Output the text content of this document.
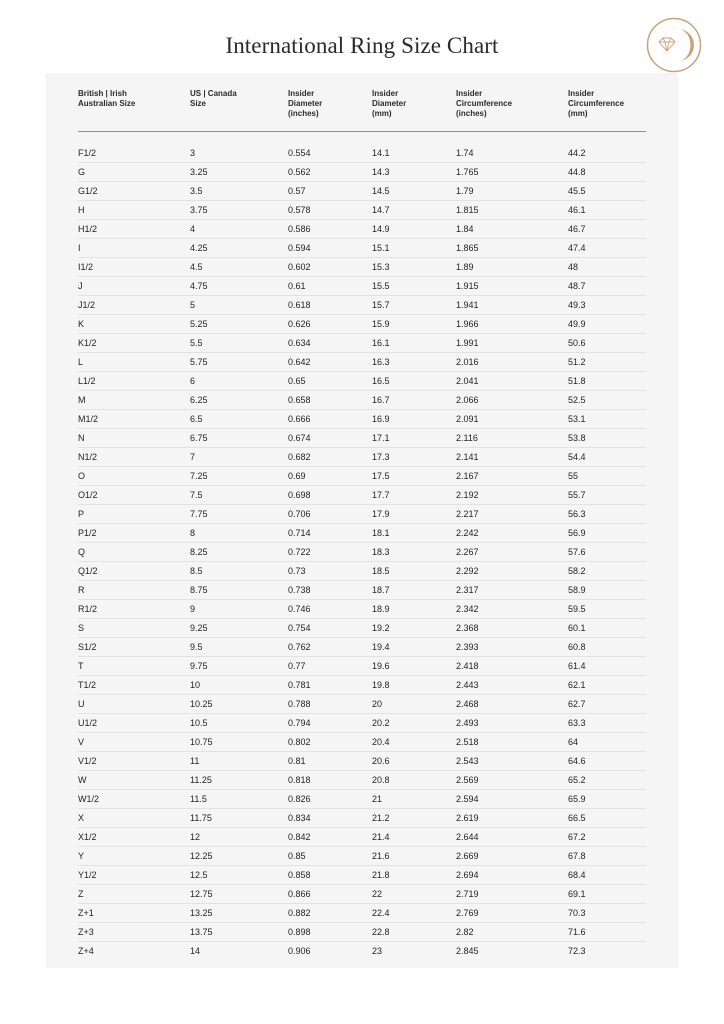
International Ring Size Chart
British | Irish
Australian Size
US | Canada
Size
Insider
Diameter
(inches)
Insider
Diameter
(mm)
Insider
Circumference
(inches)
Insider
Circumference
(mm)
F1/2	3	0.554	14.1	1.74	44.2
G	3.25	0.562	14.3	1.765	44.8
G1/2	3.5	0.57	14.5	1.79	45.5
H	3.75	0.578	14.7	1.815	46.1
H1/2	4	0.586	14.9	1.84	46.7
I	4.25	0.594	15.1	1.865	47.4
I1/2	4.5	0.602	15.3	1.89	48
J	4.75	0.61	15.5	1.915	48.7
J1/2	5	0.618	15.7	1.941	49.3
K	5.25	0.626	15.9	1.966	49.9
K1/2	5.5	0.634	16.1	1.991	50.6
L	5.75	0.642	16.3	2.016	51.2
L1/2	6	0.65	16.5	2.041	51.8
M	6.25	0.658	16.7	2.066	52.5
M1/2	6.5	0.666	16.9	2.091	53.1
N	6.75	0.674	17.1	2.116	53.8
N1/2	7	0.682	17.3	2.141	54.4
O	7.25	0.69	17.5	2.167	55
O1/2	7.5	0.698	17.7	2.192	55.7
P	7.75	0.706	17.9	2.217	56.3
P1/2	8	0.714	18.1	2.242	56.9
Q	8.25	0.722	18.3	2.267	57.6
Q1/2	8.5	0.73	18.5	2.292	58.2
R	8.75	0.738	18.7	2.317	58.9
R1/2	9	0.746	18.9	2.342	59.5
S	9.25	0.754	19.2	2.368	60.1
S1/2	9.5	0.762	19.4	2.393	60.8
T	9.75	0.77	19.6	2.418	61.4
T1/2	10	0.781	19.8	2.443	62.1
U	10.25	0.788	20	2.468	62.7
U1/2	10.5	0.794	20.2	2.493	63.3
V	10.75	0.802	20.4	2.518	64
V1/2	11	0.81	20.6	2.543	64.6
W	11.25	0.818	20.8	2.569	65.2
W1/2	11.5	0.826	21	2.594	65.9
X	11.75	0.834	21.2	2.619	66.5
X1/2	12	0.842	21.4	2.644	67.2
Y	12.25	0.85	21.6	2.669	67.8
Y1/2	12.5	0.858	21.8	2.694	68.4
Z	12.75	0.866	22	2.719	69.1
Z+1	13.25	0.882	22.4	2.769	70.3
Z+3	13.75	0.898	22.8	2.82	71.6
Z+4	14	0.906	23	2.845	72.3
